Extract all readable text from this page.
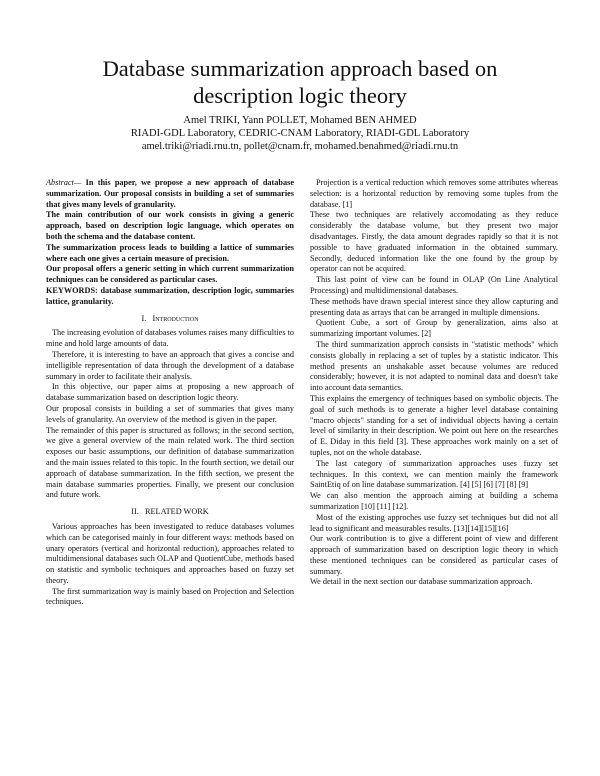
Database summarization approach based on
description logic theory
Amel TRIKI, Yann POLLET, Mohamed BEN AHMED
RIADI-GDL Laboratory, CEDRIC-CNAM Laboratory, RIADI-GDL Laboratory
amel.triki@riadi.rnu.tn, pollet@cnam.fr, mohamed.benahmed@riadi.rnu.tn

Abstract— In this paper, we propose a new approach of database summarization. Our proposal consists in building a set of summaries that gives many levels of granularity.

The main contribution of our work consists in giving a generic approach, based on description logic language, which operates on both the schema and the database content.

The summarization process leads to building a lattice of summaries where each one gives a certain measure of precision.

Our proposal offers a generic setting in which current summarization techniques can be considered as particular cases.

KEYWORDS: database summarization, description logic, summaries lattice, granularity.

I. Introduction

The increasing evolution of databases volumes raises many difficulties to mine and hold large amounts of data.

Therefore, it is interesting to have an approach that gives a concise and intelligible representation of data through the development of a database summary in order to facilitate their analysis.

In this objective, our paper aims at proposing a new approach of database summarization based on description logic theory.

Our proposal consists in building a set of summaries that gives many levels of granularity. An overview of the method is given in the paper.

The remainder of this paper is structured as follows; in the second section, we give a general overview of the main related work. The third section exposes our basic assumptions, our definition of database summarization and the main issues related to this topic. In the fourth section, we detail our approach of database summarization. In the fifth section, we present the main database summaries properties. Finally, we present our conclusion and future work.

II. RELATED WORK

Various approaches has been investigated to reduce databases volumes which can be categorised mainly in four different ways: methods based on unary operators (vertical and horizontal reduction), approaches related to multidimensional databases such OLAP and QuotientCube, methods based on statistic and symbolic techniques and approaches based on fuzzy set theory.

The first summarization way is mainly based on Projection and Selection techniques.

Projection is a vertical reduction which removes some attributes whereas selection: is a horizontal reduction by removing some tuples from the database. [1]

These two techniques are relatively accomodating as they reduce considerably the database volume, but they present two major disadvantages. Firstly, the data amount degrades rapidly so that it is not possible to have graduated information in the obtained summary. Secondly, deduced information like the one found by the group by operator can not be acquired.

This last point of view can be found in OLAP (On Line Analytical Processing) and multidimensional databases.

These methods have drawn special interest since they allow capturing and presenting data as arrays that can be arranged in multiple dimensions.

Quotient Cube, a sort of Group by generalization, aims also at summarizing important volumes. [2]

The third summarization approch consists in "statistic methods" which consists globally in replacing a set of tuples by a statistic indicator. This method presents an unshakable asset because volumes are reduced considerably; however, it is not adapted to nominal data and doesn't take into account data semantics.

This explains the emergency of techniques based on symbolic objects. The goal of such methods is to generate a higher level database containing "macro objects" standing for a set of individual objects having a certain level of similarity in their description. We point out here on the researches of E. Diday in this field [3]. These approaches work mainly on a set of tuples, not on the whole database.

The last category of summarization approaches uses fuzzy set techniques. In this context, we can mention mainly the framework SaintEtiq of on line database summarization. [4] [5] [6] [7] [8] [9]

We can also mention the approach aiming at building a schema summarization [10] [11] [12].

Most of the existing approches use fuzzy set techniques but did not all lead to significant and measurables results. [13][14][15][16]

Our work contribution is to give a different point of view and different approach of summarization based on description logic theory in which these mentioned techniques can be considered as particular cases of summary.

We detail in the next section our database summarization approach.
